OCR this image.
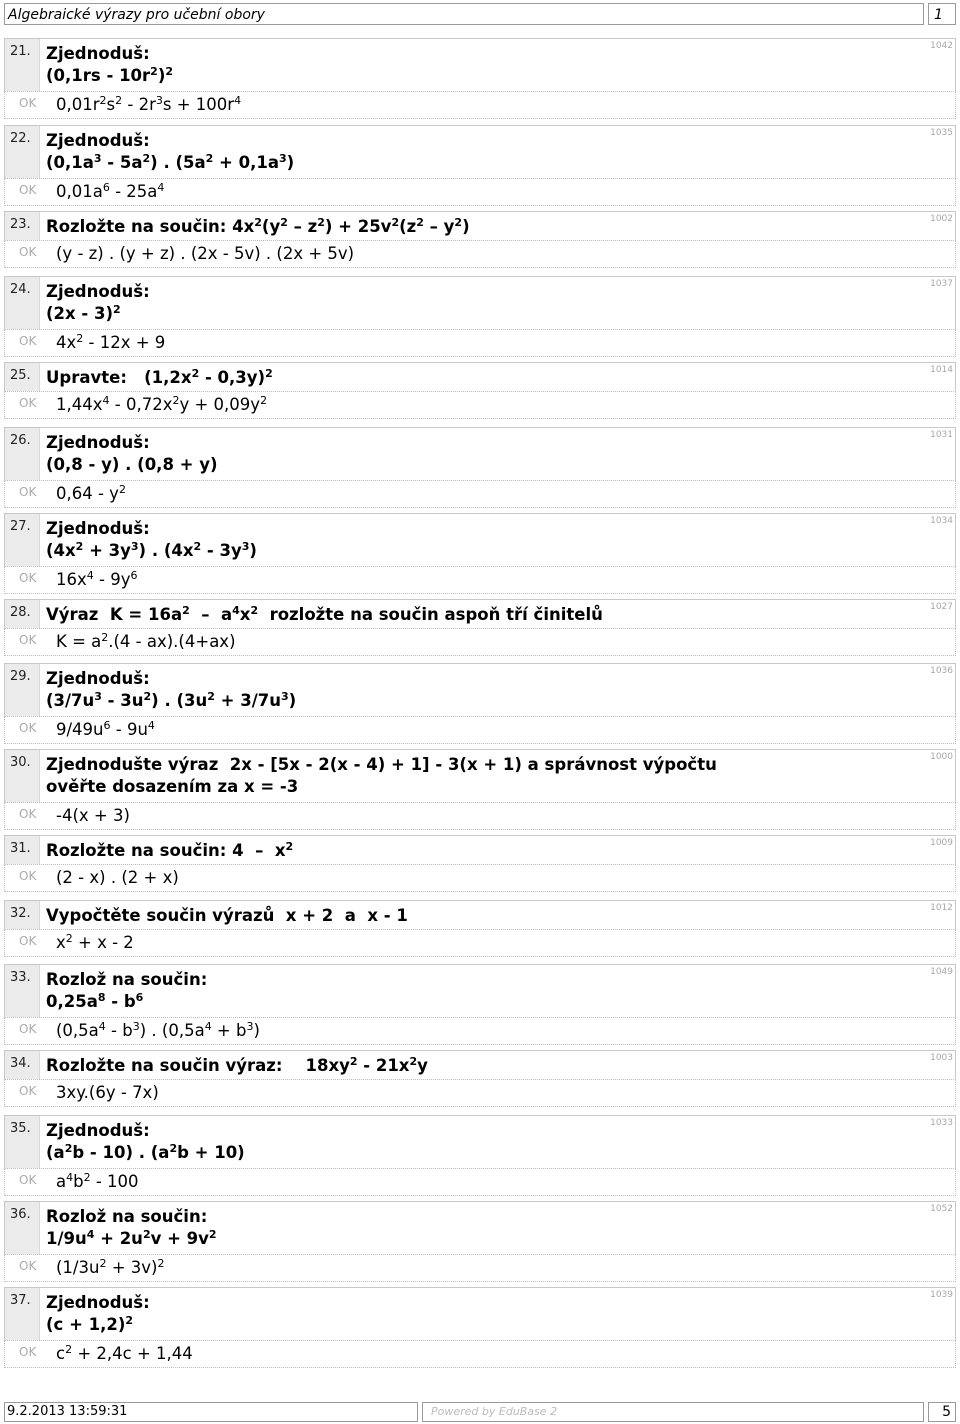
Algebraické výrazy pro učební obory	1
21. Zjednoduš:
$(0,1rs - 10r^2)^2$
1042
OK $0,01r^2s^2 - 2r^3s + 100r^4$
22. Zjednoduš:
$(0,1a^3 - 5a^2)$ . $(5a^2 + 0,1a^3)$
1035
OK $0,01a^6 - 25a^4$
23. Rozložte na součin: $4x^2(y^2 - z^2) + 25v^2(z^2 - y^2)$	1002
OK (y - z) . (y + z) . (2x - 5v) . (2x + 5v)
24. Zjednoduš:
(2x - 3)$^2$
1037
OK $4x^2 - 12x + 9$
25. Upravte:   $(1,2x^2 - 0,3y)^2$	1014
OK $1,44x^4 - 0,72x^2y + 0,09y^2$
26. Zjednoduš:
(0,8 - y) . (0,8 + y)
1031
OK $0,64 - y^2$
27. Zjednoduš:
$(4x^2 + 3y^3)$ . $(4x^2 - 3y^3)$
1034
OK $16x^4 - 9y^6$
28. Výraz  $K = 16a^2 - a^4x^2$  rozložte na součin aspoň tří činitelů	1027
OK $K = a^2.(4 - ax).(4+ax)$
29. Zjednoduš:
$(3/7u^3 - 3u^2)$ . $(3u^2 + 3/7u^3)$
1036
OK $9/49u^6 - 9u^4$
30. Zjednodušte výraz  2x - [5x - 2(x - 4) + 1] - 3(x + 1) a správnost výpočtu
ověřte dosazením za x = -3
1000
OK -4(x + 3)
31. Rozložte na součin: $4 - x^2$	1009
OK (2 - x) . (2 + x)
32. Vypočtěte součin výrazů  x + 2  a  x - 1	1012
OK $x^2 + x - 2$
33. Rozlož na součin:
$0,25a^8 - b^6$
1049
OK $(0,5a^4 - b^3)$ . $(0,5a^4 + b^3)$
34. Rozložte na součin výraz:    $18xy^2 - 21x^2y$	1003
OK 3xy.(6y - 7x)
35. Zjednoduš:
$(a^2b - 10)$ . $(a^2b + 10)$
1033
OK $a^4b^2 - 100$
36. Rozlož na součin:
$1/9u^4 + 2u^2v + 9v^2$
1052
OK $(1/3u^2 + 3v)^2$
37. Zjednoduš:
$(c + 1,2)^2$
1039
OK $c^2 + 2,4c + 1,44$
9.2.2013 13:59:31	Powered by EduBase 2	5
